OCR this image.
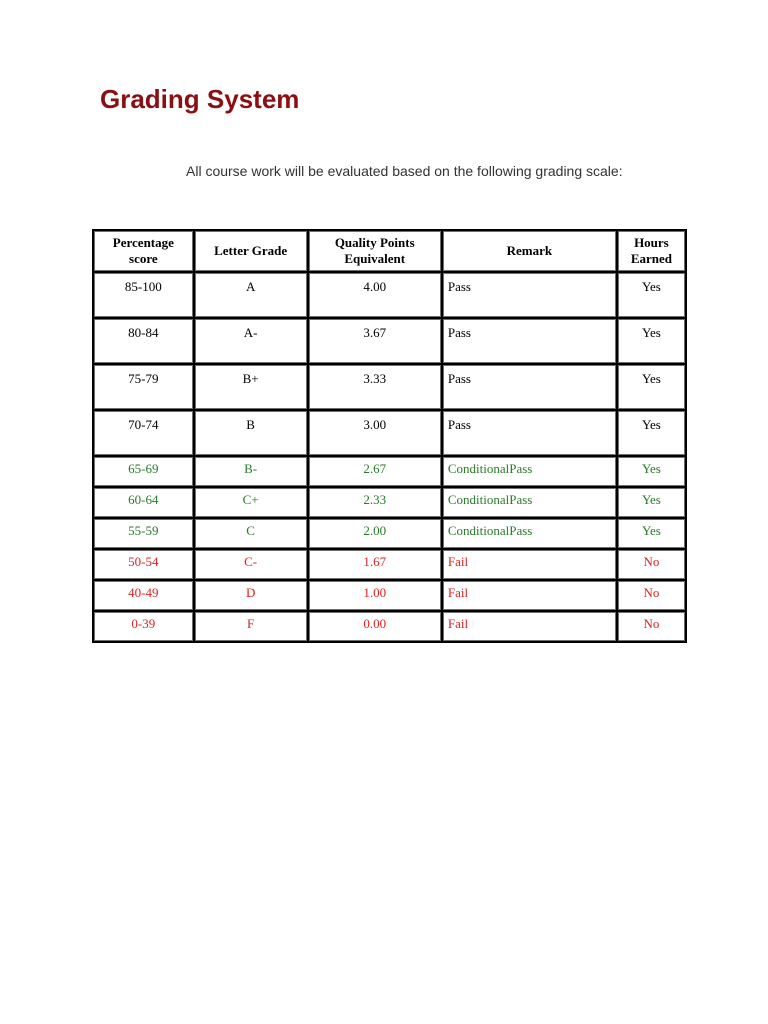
Grading System

All course work will be evaluated based on the following grading scale:

Percentage score	Letter Grade	Quality Points Equivalent	Remark	Hours Earned
85-100	A	4.00	Pass	Yes
80-84	A-	3.67	Pass	Yes
75-79	B+	3.33	Pass	Yes
70-74	B	3.00	Pass	Yes
65-69	B-	2.67	ConditionalPass	Yes
60-64	C+	2.33	ConditionalPass	Yes
55-59	C	2.00	ConditionalPass	Yes
50-54	C-	1.67	Fail	No
40-49	D	1.00	Fail	No
0-39	F	0.00	Fail	No
